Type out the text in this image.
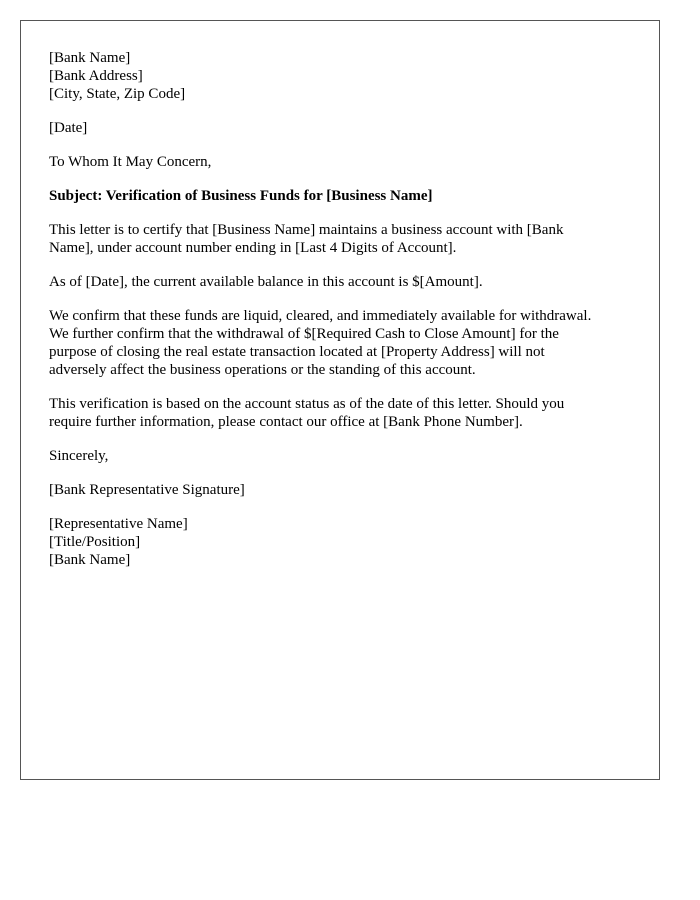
[Bank Name]
[Bank Address]
[City, State, Zip Code]
[Date]
To Whom It May Concern,
Subject: Verification of Business Funds for [Business Name]

This letter is to certify that [Business Name] maintains a business account with [Bank
Name], under account number ending in [Last 4 Digits of Account].

As of [Date], the current available balance in this account is $[Amount].

We confirm that these funds are liquid, cleared, and immediately available for withdrawal.
We further confirm that the withdrawal of $[Required Cash to Close Amount] for the
purpose of closing the real estate transaction located at [Property Address] will not
adversely affect the business operations or the standing of this account.

This verification is based on the account status as of the date of this letter. Should you
require further information, please contact our office at [Bank Phone Number].

Sincerely,
[Bank Representative Signature]
[Representative Name]
[Title/Position]
[Bank Name]
